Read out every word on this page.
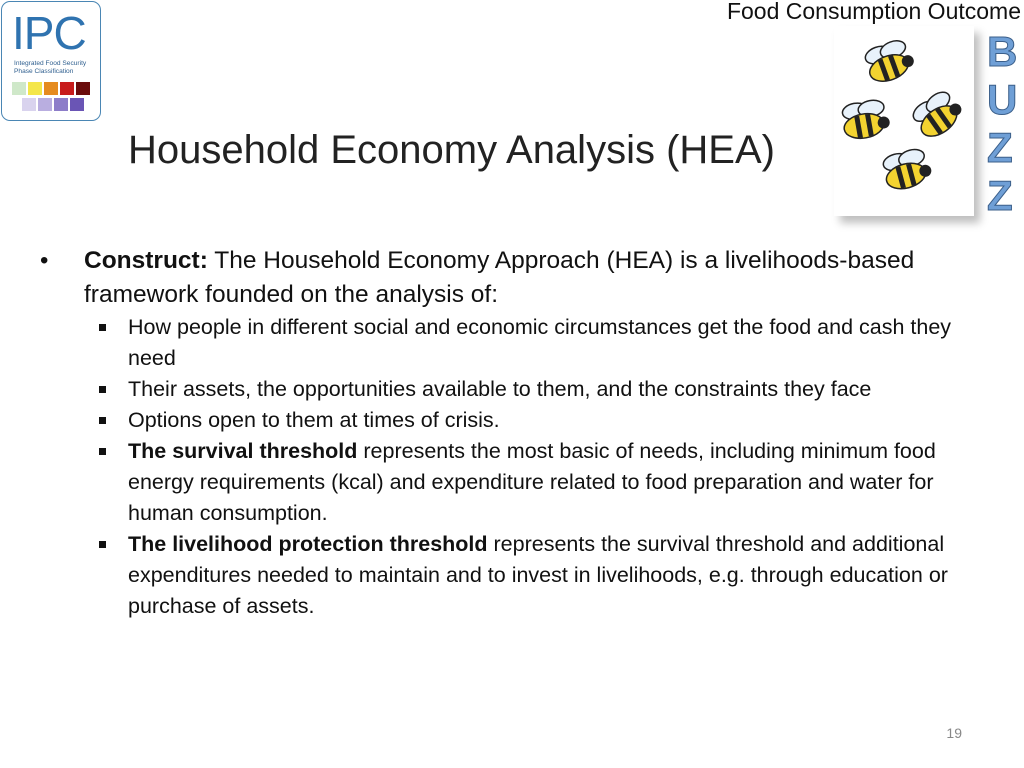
IPC
Integrated Food Security Phase Classification
Food Consumption Outcome
B
U
Z
Z
Household Economy Analysis (HEA)
• Construct: The Household Economy Approach (HEA) is a livelihoods-based framework founded on the analysis of:
How people in different social and economic circumstances get the food and cash they need
Their assets, the opportunities available to them, and the constraints they face
Options open to them at times of crisis.
The survival threshold represents the most basic of needs, including minimum food energy requirements (kcal) and expenditure related to food preparation and water for human consumption.
The livelihood protection threshold represents the survival threshold and additional expenditures needed to maintain and to invest in livelihoods, e.g. through education or purchase of assets.
19
